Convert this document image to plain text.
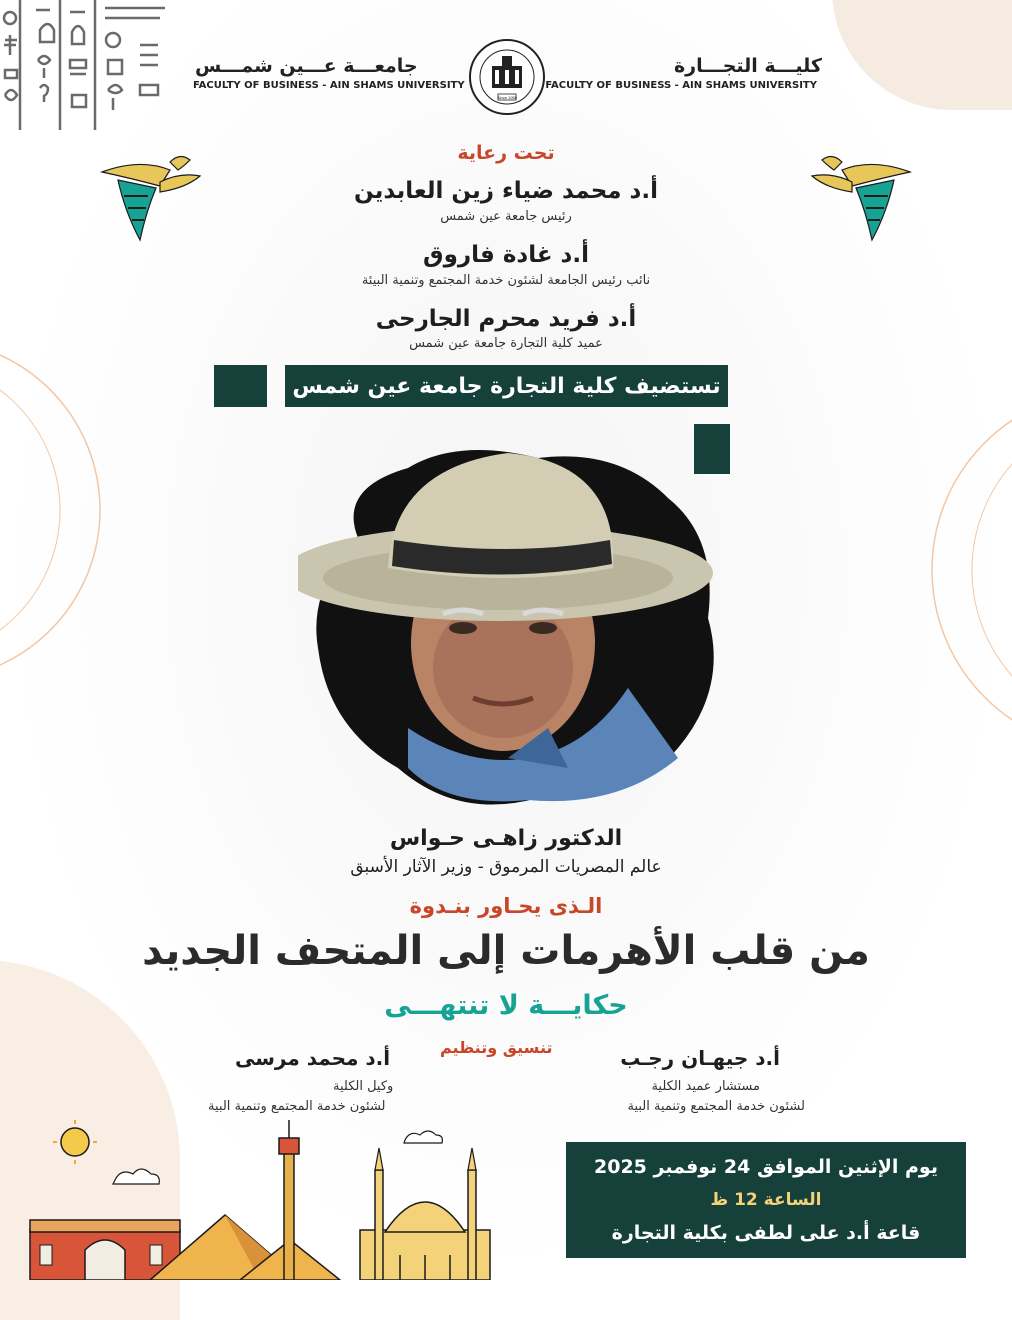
كليـــة التجـــارة
FACULTY OF BUSINESS - AIN SHAMS UNIVERSITY
جامعـــة عـــين شمـــس
FACULTY OF BUSINESS - AIN SHAMS UNIVERSITY
Since 1950
تحت رعاية
أ.د محمد ضياء زين العابدين
رئيس جامعة عين شمس
أ.د غادة فاروق
نائب رئيس الجامعة لشئون خدمة المجتمع وتنمية البيئة
أ.د فريد محرم الجارحى
عميد كلية التجارة جامعة عين شمس
تستضيف كلية التجارة جامعة عين شمس
الدكتور زاهـى حـواس
عالم المصريات المرموق - وزير الآثار الأسبق
الـذى يحـاور بنـدوة
من قلب الأهرمات إلى المتحف الجديد
حكايـــة لا تنتهـــى
تنسيق وتنظيم	أ.د جيهـان رجـب
مستشار عميد الكلية
لشئون خدمة المجتمع وتنمية البية
أ.د محمد مرسى
وكيل الكلية
لشئون خدمة المجتمع وتنمية البية
يوم الإثنين الموافق 24 نوفمبر 2025
الساعة 12 ظ
قاعة أ.د على لطفى بكلية التجارة
